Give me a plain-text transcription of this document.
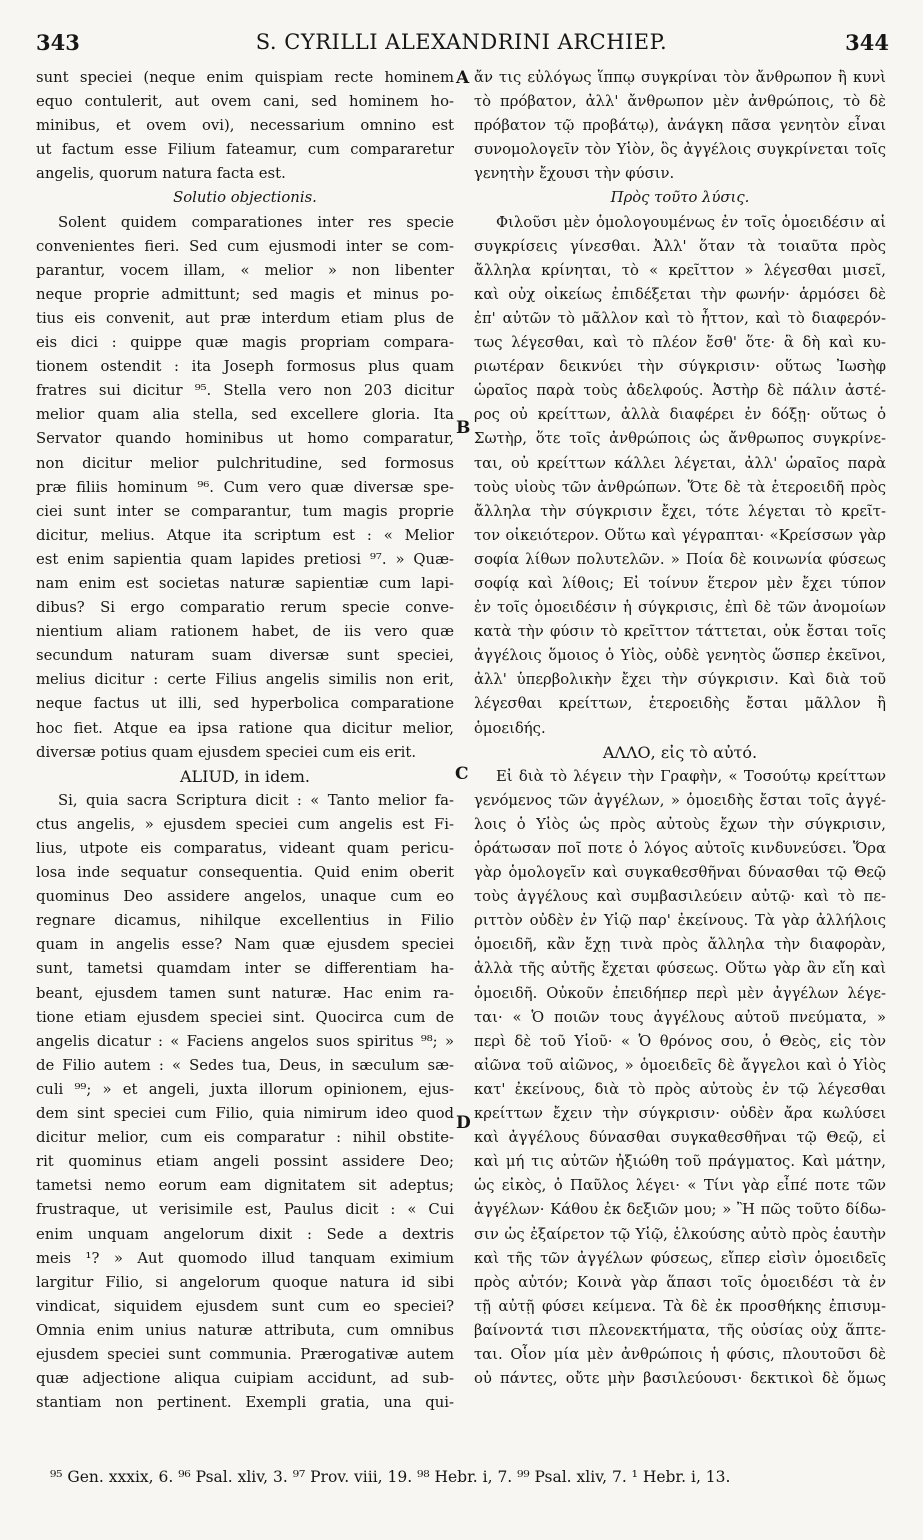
343	S. CYRILLI ALEXANDRINI ARCHIEP.	344
sunt speciei (neque enim quispiam recte hominem
equo contulerit, aut ovem cani, sed hominem ho-
minibus, et ovem ovi), necessarium omnino est
ut factum esse Filium fateamur, cum compararetur
angelis, quorum natura facta est.
Solutio objectionis.
Solent quidem comparationes inter res specie
convenientes fieri. Sed cum ejusmodi inter se com-
parantur, vocem illam, « melior » non libenter
neque proprie admittunt; sed magis et minus po-
tius eis convenit, aut præ interdum etiam plus de
eis dici : quippe quæ magis propriam compara-
tionem ostendit : ita Joseph formosus plus quam
fratres sui dicitur ⁹⁵. Stella vero non 203 dicitur
melior quam alia stella, sed excellere gloria. Ita
Servator quando hominibus ut homo comparatur,
non dicitur melior pulchritudine, sed formosus
præ filiis hominum ⁹⁶. Cum vero quæ diversæ spe-
ciei sunt inter se comparantur, tum magis proprie
dicitur, melius. Atque ita scriptum est : « Melior
est enim sapientia quam lapides pretiosi ⁹⁷. » Quæ-
nam enim est societas naturæ sapientiæ cum lapi-
dibus? Si ergo comparatio rerum specie conve-
nientium aliam rationem habet, de iis vero quæ
secundum naturam suam diversæ sunt speciei,
melius dicitur : certe Filius angelis similis non erit,
neque factus ut illi, sed hyperbolica comparatione
hoc fiet. Atque ea ipsa ratione qua dicitur melior,
diversæ potius quam ejusdem speciei cum eis erit.
ALIUD, in idem.
Si, quia sacra Scriptura dicit : « Tanto melior fa-
ctus angelis, » ejusdem speciei cum angelis est Fi-
lius, utpote eis comparatus, videant quam pericu-
losa inde sequatur consequentia. Quid enim oberit
quominus Deo assidere angelos, unaque cum eo
regnare dicamus, nihilque excellentius in Filio
quam in angelis esse? Nam quæ ejusdem speciei
sunt, tametsi quamdam inter se differentiam ha-
beant, ejusdem tamen sunt naturæ. Hac enim ra-
tione etiam ejusdem speciei sint. Quocirca cum de
angelis dicatur : « Faciens angelos suos spiritus ⁹⁸; »
de Filio autem : « Sedes tua, Deus, in sæculum sæ-
culi ⁹⁹; » et angeli, juxta illorum opinionem, ejus-
dem sint speciei cum Filio, quia nimirum ideo quod
dicitur melior, cum eis comparatur : nihil obstite-
rit quominus etiam angeli possint assidere Deo;
tametsi nemo eorum eam dignitatem sit adeptus;
frustraque, ut verisimile est, Paulus dicit : « Cui
enim unquam angelorum dixit : Sede a dextris
meis ¹? » Aut quomodo illud tanquam eximium
largitur Filio, si angelorum quoque natura id sibi
vindicat, siquidem ejusdem sunt cum eo speciei?
Omnia enim unius naturæ attributa, cum omnibus
ejusdem speciei sunt communia. Prærogativæ autem
quæ adjectione aliqua cuipiam accidunt, ad sub-
stantiam non pertinent. Exempli gratia, una qui-
ἄν τις εὐλόγως ἵππῳ συγκρίναι τὸν ἄνθρωπον ἢ κυνὶ
τὸ πρόβατον, ἀλλ' ἄνθρωπον μὲν ἀνθρώποις, τὸ δὲ
πρόβατον τῷ προβάτῳ), ἀνάγκη πᾶσα γενητὸν εἶναι
συνομολογεῖν τὸν Υἱὸν, ὃς ἀγγέλοις συγκρίνεται τοῖς
γενητὴν ἔχουσι τὴν φύσιν.
Πρὸς τοῦτο λύσις.
Φιλοῦσι μὲν ὁμολογουμένως ἐν τοῖς ὁμοειδέσιν αἱ
συγκρίσεις γίνεσθαι. Ἀλλ' ὅταν τὰ τοιαῦτα πρὸς
ἄλληλα κρίνηται, τὸ « κρεῖττον » λέγεσθαι μισεῖ,
καὶ οὐχ οἰκείως ἐπιδέξεται τὴν φωνήν· ἁρμόσει δὲ
ἐπ' αὐτῶν τὸ μᾶλλον καὶ τὸ ἧττον, καὶ τὸ διαφερόν-
τως λέγεσθαι, καὶ τὸ πλέον ἔσθ' ὅτε· ἃ δὴ καὶ κυ-
ριωτέραν δεικνύει τὴν σύγκρισιν· οὕτως Ἰωσὴφ
ὡραῖος παρὰ τοὺς ἀδελφούς. Ἀστὴρ δὲ πάλιν ἀστέ-
ρος οὐ κρείττων, ἀλλὰ διαφέρει ἐν δόξῃ· οὕτως ὁ
Σωτὴρ, ὅτε τοῖς ἀνθρώποις ὡς ἄνθρωπος συγκρίνε-
ται, οὐ κρείττων κάλλει λέγεται, ἀλλ' ὡραῖος παρὰ
τοὺς υἱοὺς τῶν ἀνθρώπων. Ὅτε δὲ τὰ ἑτεροειδῆ πρὸς
ἄλληλα τὴν σύγκρισιν ἔχει, τότε λέγεται τὸ κρεῖτ-
τον οἰκειότερον. Οὕτω καὶ γέγραπται· «Κρείσσων γὰρ
σοφία λίθων πολυτελῶν. » Ποία δὲ κοινωνία φύσεως
σοφίᾳ καὶ λίθοις; Εἰ τοίνυν ἕτερον μὲν ἔχει τύπον
ἐν τοῖς ὁμοειδέσιν ἡ σύγκρισις, ἐπὶ δὲ τῶν ἀνομοίων
κατὰ τὴν φύσιν τὸ κρεῖττον τάττεται, οὐκ ἔσται τοῖς
ἀγγέλοις ὅμοιος ὁ Υἱὸς, οὐδὲ γενητὸς ὥσπερ ἐκεῖνοι,
ἀλλ' ὑπερβολικὴν ἔχει τὴν σύγκρισιν. Καὶ διὰ τοῦ
λέγεσθαι κρείττων, ἑτεροειδὴς ἔσται μᾶλλον ἢ
ὁμοειδής.
ΑΛΛΟ, εἰς τὸ αὐτό.
Εἰ διὰ τὸ λέγειν τὴν Γραφὴν, « Τοσούτῳ κρείττων
γενόμενος τῶν ἀγγέλων, » ὁμοειδὴς ἔσται τοῖς ἀγγέ-
λοις ὁ Υἱὸς ὡς πρὸς αὐτοὺς ἔχων τὴν σύγκρισιν,
ὁράτωσαν ποῖ ποτε ὁ λόγος αὐτοῖς κινδυνεύσει. Ὅρα
γὰρ ὁμολογεῖν καὶ συγκαθεσθῆναι δύνασθαι τῷ Θεῷ
τοὺς ἀγγέλους καὶ συμβασιλεύειν αὐτῷ· καὶ τὸ πε-
ριττὸν οὐδὲν ἐν Υἱῷ παρ' ἐκείνους. Τὰ γὰρ ἀλλήλοις
ὁμοειδῆ, κἂν ἔχῃ τινὰ πρὸς ἄλληλα τὴν διαφορὰν,
ἀλλὰ τῆς αὐτῆς ἔχεται φύσεως. Οὕτω γὰρ ἂν εἴη καὶ
ὁμοειδῆ. Οὐκοῦν ἐπειδήπερ περὶ μὲν ἀγγέλων λέγε-
ται· « Ὁ ποιῶν τους ἀγγέλους αὐτοῦ πνεύματα, »
περὶ δὲ τοῦ Υἱοῦ· « Ὁ θρόνος σου, ὁ Θεὸς, εἰς τὸν
αἰῶνα τοῦ αἰῶνος, » ὁμοειδεῖς δὲ ἄγγελοι καὶ ὁ Υἱὸς
κατ' ἐκείνους, διὰ τὸ πρὸς αὐτοὺς ἐν τῷ λέγεσθαι
κρείττων ἔχειν τὴν σύγκρισιν· οὐδὲν ἄρα κωλύσει
καὶ ἀγγέλους δύνασθαι συγκαθεσθῆναι τῷ Θεῷ, εἰ
καὶ μή τις αὐτῶν ἠξιώθη τοῦ πράγματος. Καὶ μάτην,
ὡς εἰκὸς, ὁ Παῦλος λέγει· « Τίνι γὰρ εἶπέ ποτε τῶν
ἀγγέλων· Κάθου ἐκ δεξιῶν μου; » Ἢ πῶς τοῦτο δίδω-
σιν ὡς ἐξαίρετον τῷ Υἱῷ, ἑλκούσης αὐτὸ πρὸς ἑαυτὴν
καὶ τῆς τῶν ἀγγέλων φύσεως, εἴπερ εἰσὶν ὁμοειδεῖς
πρὸς αὐτόν; Κοινὰ γὰρ ἅπασι τοῖς ὁμοειδέσι τὰ ἐν
τῇ αὐτῇ φύσει κείμενα. Τὰ δὲ ἐκ προσθήκης ἐπισυμ-
βαίνοντά τισι πλεονεκτήματα, τῆς οὐσίας οὐχ ἅπτε-
ται. Οἷον μία μὲν ἀνθρώποις ἡ φύσις, πλουτοῦσι δὲ
οὐ πάντες, οὔτε μὴν βασιλεύουσι· δεκτικοὶ δὲ ὅμως
A
B
C
D
⁹⁵ Gen. xxxix, 6. ⁹⁶ Psal. xliv, 3. ⁹⁷ Prov. viii, 19. ⁹⁸ Hebr. i, 7. ⁹⁹ Psal. xliv, 7. ¹ Hebr. i, 13.
